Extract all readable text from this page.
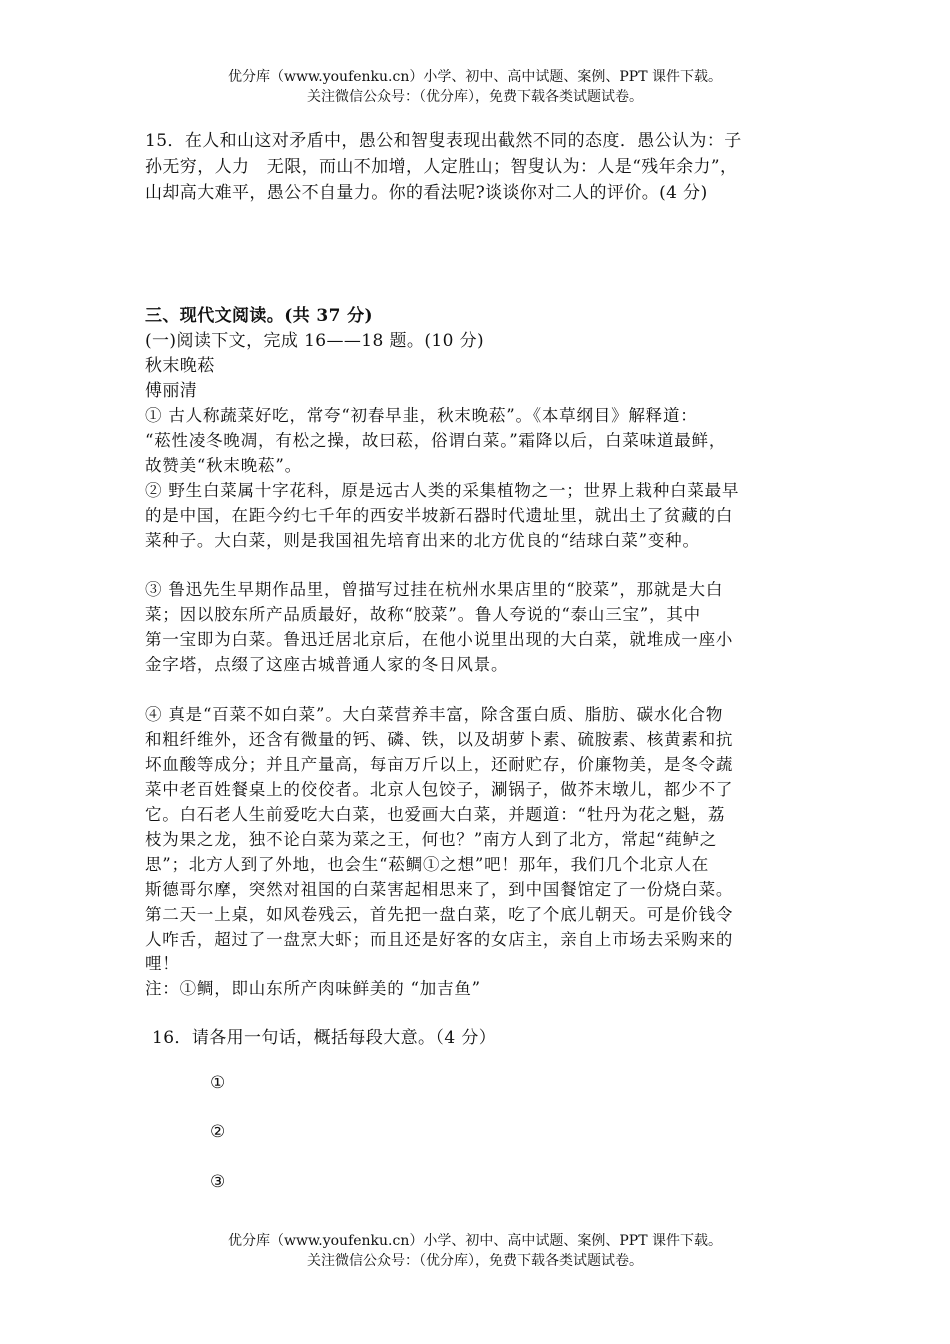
优分库（www.youfenku.cn）小学、初中、高中试题、案例、PPT 课件下载。
关注微信公众号：（优分库），免费下载各类试题试卷。
15．在人和山这对矛盾中，愚公和智叟表现出截然不同的态度．愚公认为：子
孙无穷，人力　无限，而山不加增，人定胜山；智叟认为：人是“残年余力”，
山却高大难平，愚公不自量力。你的看法呢?谈谈你对二人的评价。(4 分)
三、现代文阅读。(共 37 分)
(一)阅读下文，完成 16——18 题。(10 分)
秋末晚菘
傅丽清
① 古人称蔬菜好吃，常夸“初春早韭，秋末晚菘”。《本草纲目》解释道：
“菘性凌冬晚凋，有松之操，故曰菘，俗谓白菜。”霜降以后，白菜味道最鲜，
故赞美“秋末晚菘”。
② 野生白菜属十字花科，原是远古人类的采集植物之一；世界上栽种白菜最早
的是中国，在距今约七千年的西安半坡新石器时代遗址里，就出土了贫藏的白
菜种子。大白菜，则是我国祖先培育出来的北方优良的“结球白菜”变种。
③ 鲁迅先生早期作品里，曾描写过挂在杭州水果店里的“胶菜”，那就是大白
菜；因以胶东所产品质最好，故称“胶菜”。鲁人夸说的“泰山三宝”，其中
第一宝即为白菜。鲁迅迁居北京后，在他小说里出现的大白菜，就堆成一座小
金字塔，点缀了这座古城普通人家的冬日风景。
④ 真是“百菜不如白菜”。大白菜营养丰富，除含蛋白质、脂肪、碳水化合物
和粗纤维外，还含有微量的钙、磷、铁，以及胡萝卜素、硫胺素、核黄素和抗
坏血酸等成分；并且产量高，每亩万斤以上，还耐贮存，价廉物美，是冬令蔬
菜中老百姓餐桌上的佼佼者。北京人包饺子，涮锅子，做芥末墩儿，都少不了
它。白石老人生前爱吃大白菜，也爱画大白菜，并题道：“牡丹为花之魁，荔
枝为果之龙，独不论白菜为菜之王，何也？”南方人到了北方，常起“莼鲈之
思”；北方人到了外地，也会生“菘鲷①之想”吧！那年，我们几个北京人在
斯德哥尔摩，突然对祖国的白菜害起相思来了，到中国餐馆定了一份烧白菜。
第二天一上桌，如风卷残云，首先把一盘白菜，吃了个底儿朝天。可是价钱令
人咋舌，超过了一盘烹大虾；而且还是好客的女店主，亲自上市场去采购来的
哩！
注：①鲷，即山东所产肉味鲜美的 “加吉鱼”
16．请各用一句话，概括每段大意。（4 分）
①
②
③
优分库（www.youfenku.cn）小学、初中、高中试题、案例、PPT 课件下载。
关注微信公众号：（优分库），免费下载各类试题试卷。
